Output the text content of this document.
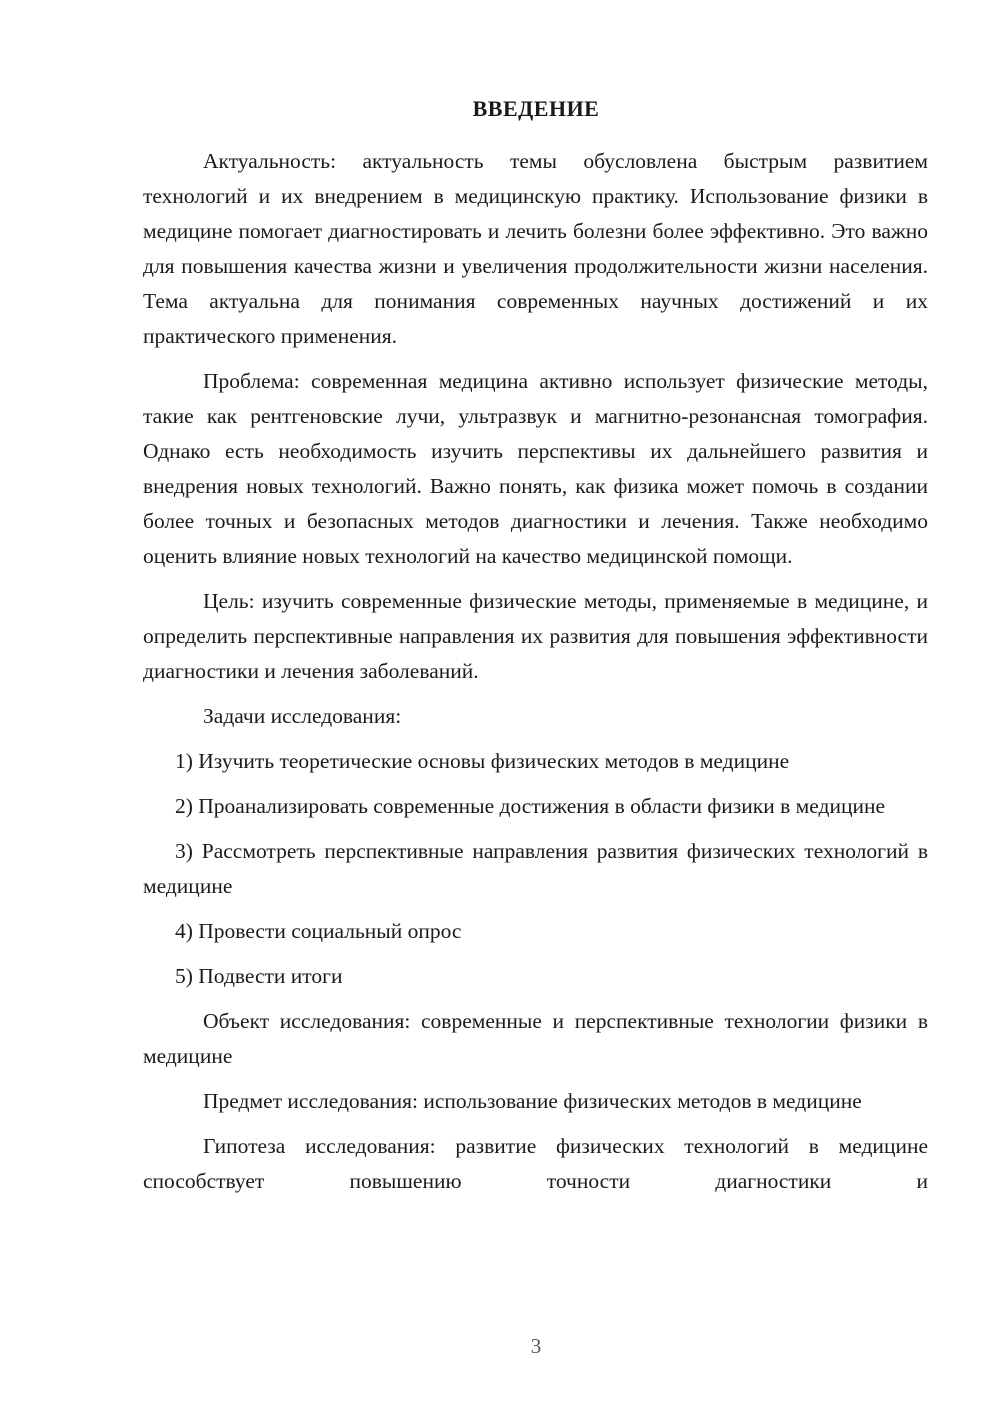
ВВЕДЕНИЕ

Актуальность: актуальность темы обусловлена быстрым развитием технологий и их внедрением в медицинскую практику. Использование физики в медицине помогает диагностировать и лечить болезни более эффективно. Это важно для повышения качества жизни и увеличения продолжительности жизни населения. Тема актуальна для понимания современных научных достижений и их практического применения.

Проблема: современная медицина активно использует физические методы, такие как рентгеновские лучи, ультразвук и магнитно-резонансная томография. Однако есть необходимость изучить перспективы их дальнейшего развития и внедрения новых технологий. Важно понять, как физика может помочь в создании более точных и безопасных методов диагностики и лечения. Также необходимо оценить влияние новых технологий на качество медицинской помощи.

Цель: изучить современные физические методы, применяемые в медицине, и определить перспективные направления их развития для повышения эффективности диагностики и лечения заболеваний.

Задачи исследования:

1) Изучить теоретические основы физических методов в медицине

2) Проанализировать современные достижения в области физики в медицине

3) Рассмотреть перспективные направления развития физических технологий в медицине

4) Провести социальный опрос

5) Подвести итоги

Объект исследования: современные и перспективные технологии физики в медицине

Предмет исследования: использование физических методов в медицине

Гипотеза исследования: развитие физических технологий в медицине способствует повышению точности диагностики и

3
